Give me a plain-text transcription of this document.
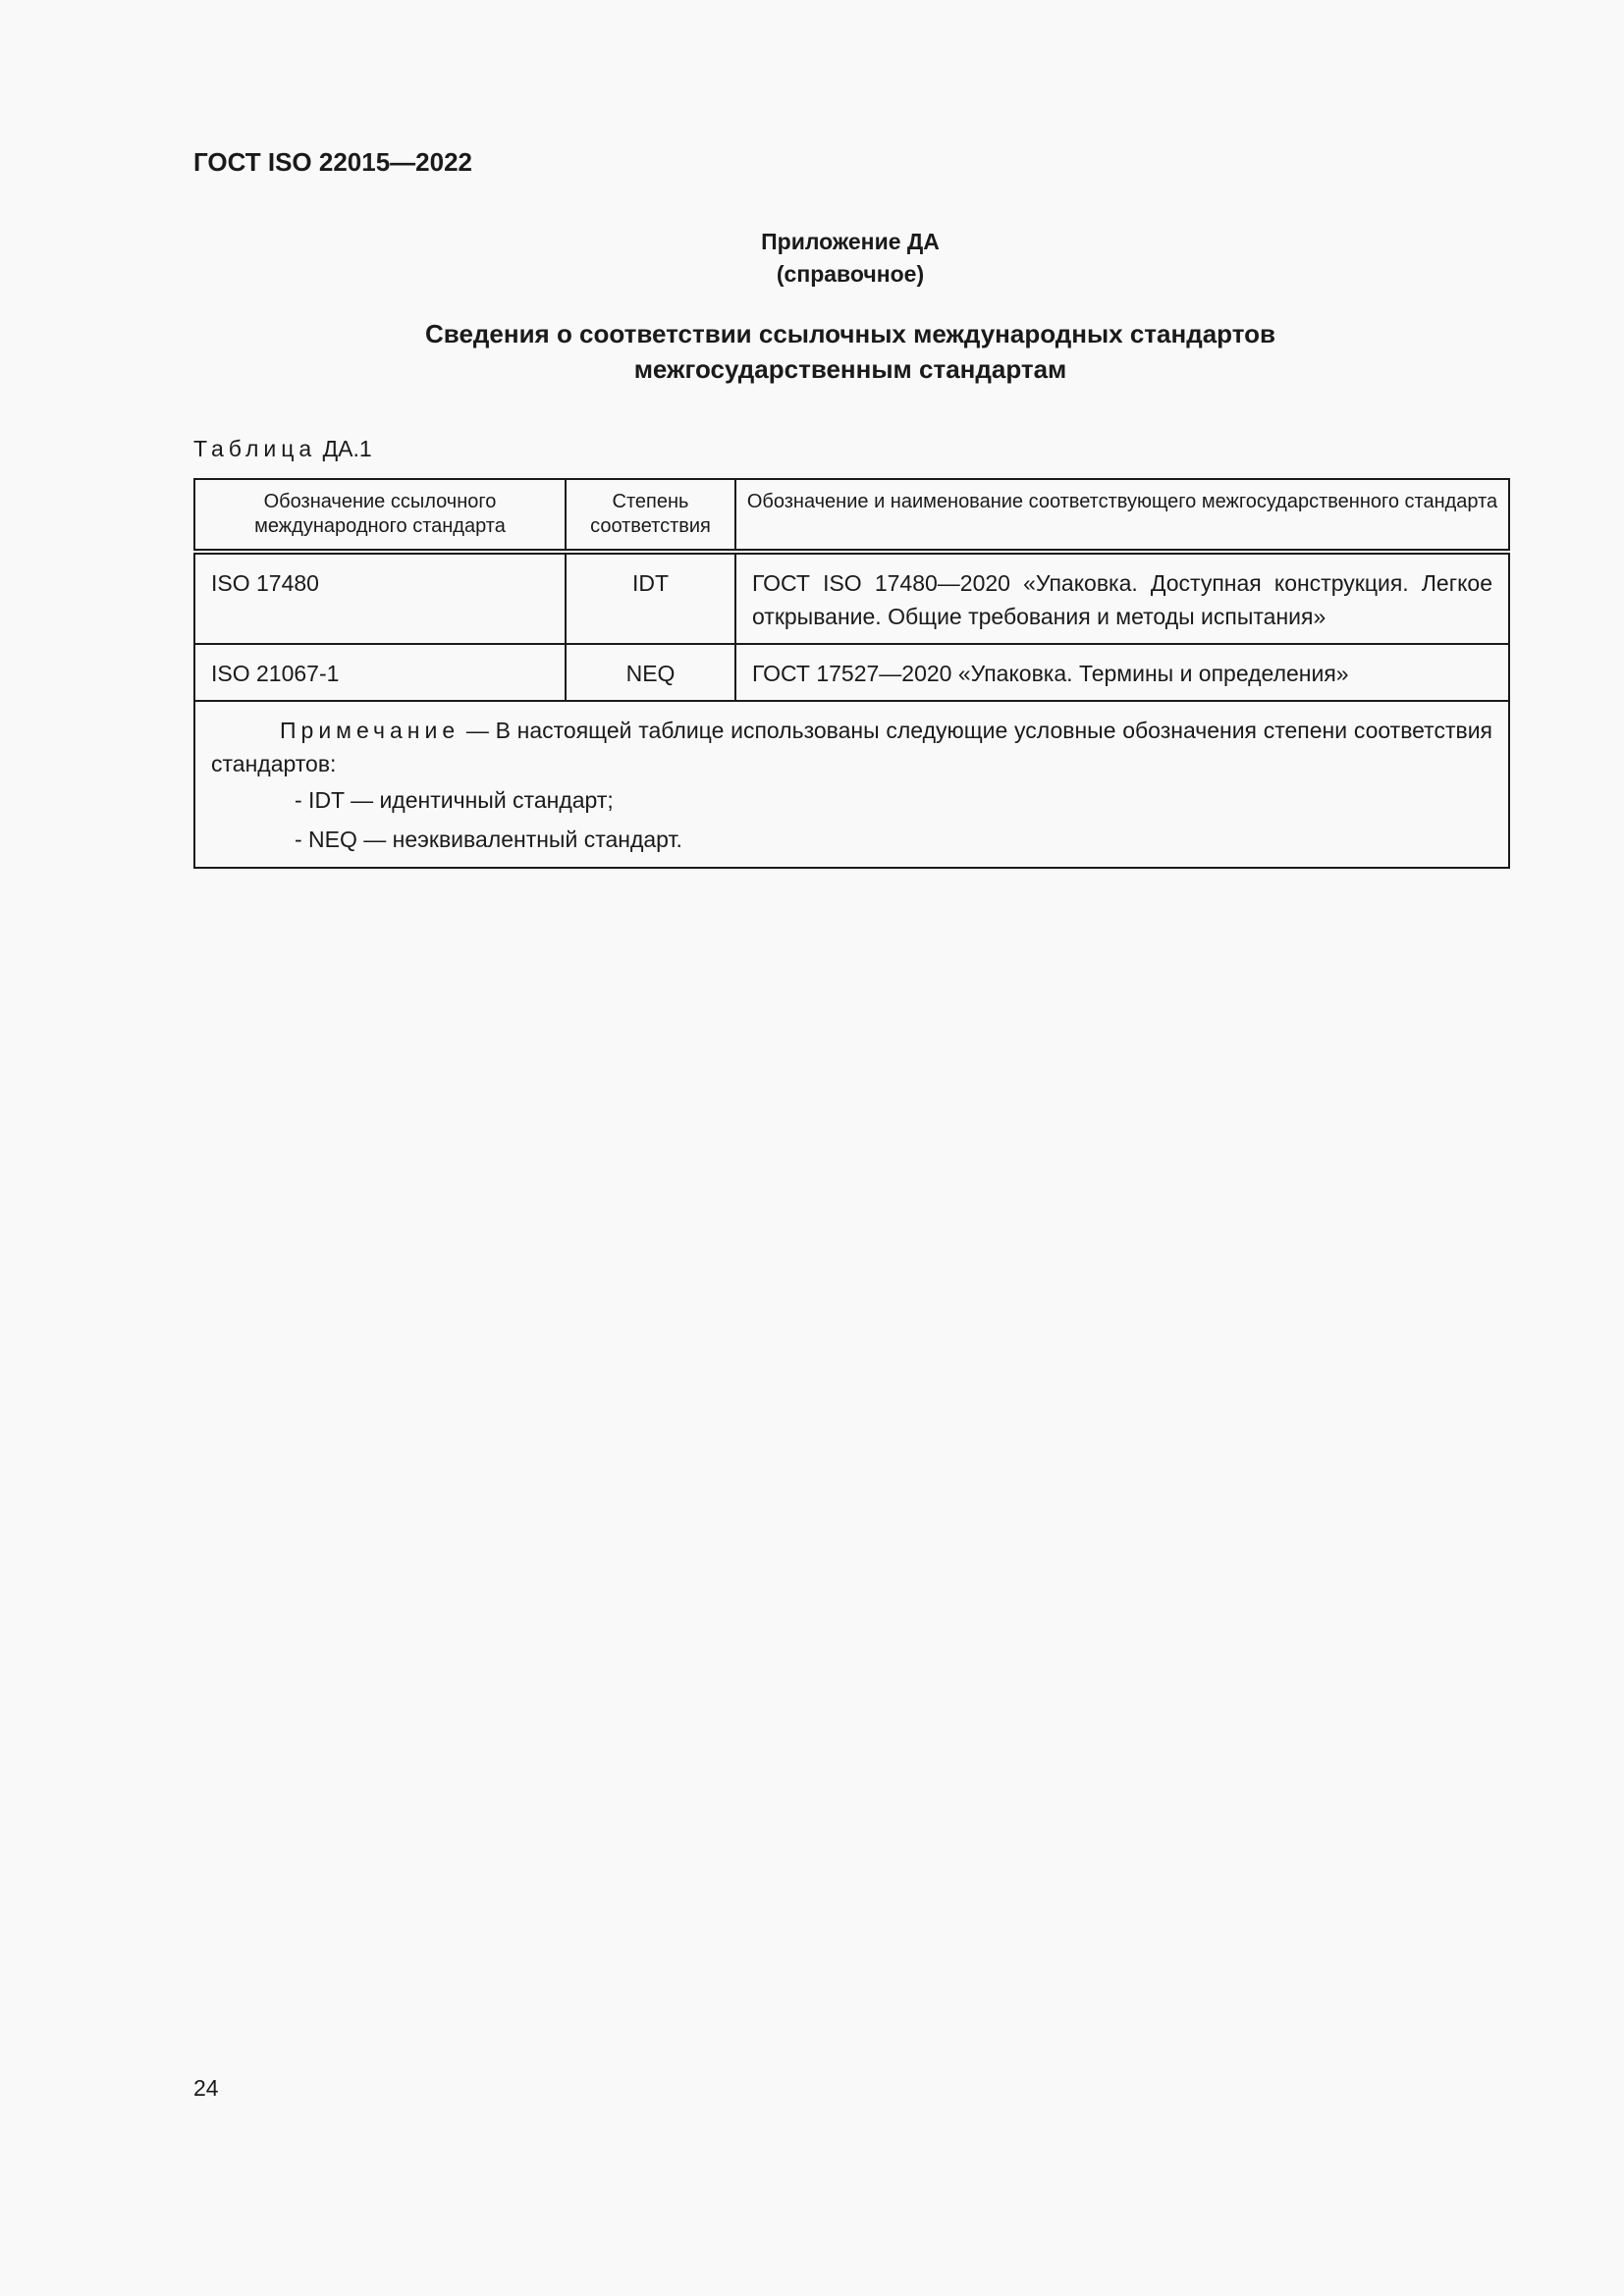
ГОСТ ISO 22015—2022
Приложение ДА
(справочное)
Сведения о соответствии ссылочных международных стандартов
межгосударственным стандартам
Таблица ДА.1
Обозначение ссылочного международного стандарта	Степень соответствия	Обозначение и наименование соответствующего межгосударственного стандарта
ISO 17480	IDT	ГОСТ ISO 17480—2020 «Упаковка. Доступная конструкция. Легкое открывание. Общие требования и методы испытания»
ISO 21067-1	NEQ	ГОСТ 17527—2020 «Упаковка. Термины и определения»

Примечание — В настоящей таблице использованы следующие условные обозначения степени соответствия стандартов:
- IDT — идентичный стандарт;
- NEQ — неэквивалентный стандарт.		
24
